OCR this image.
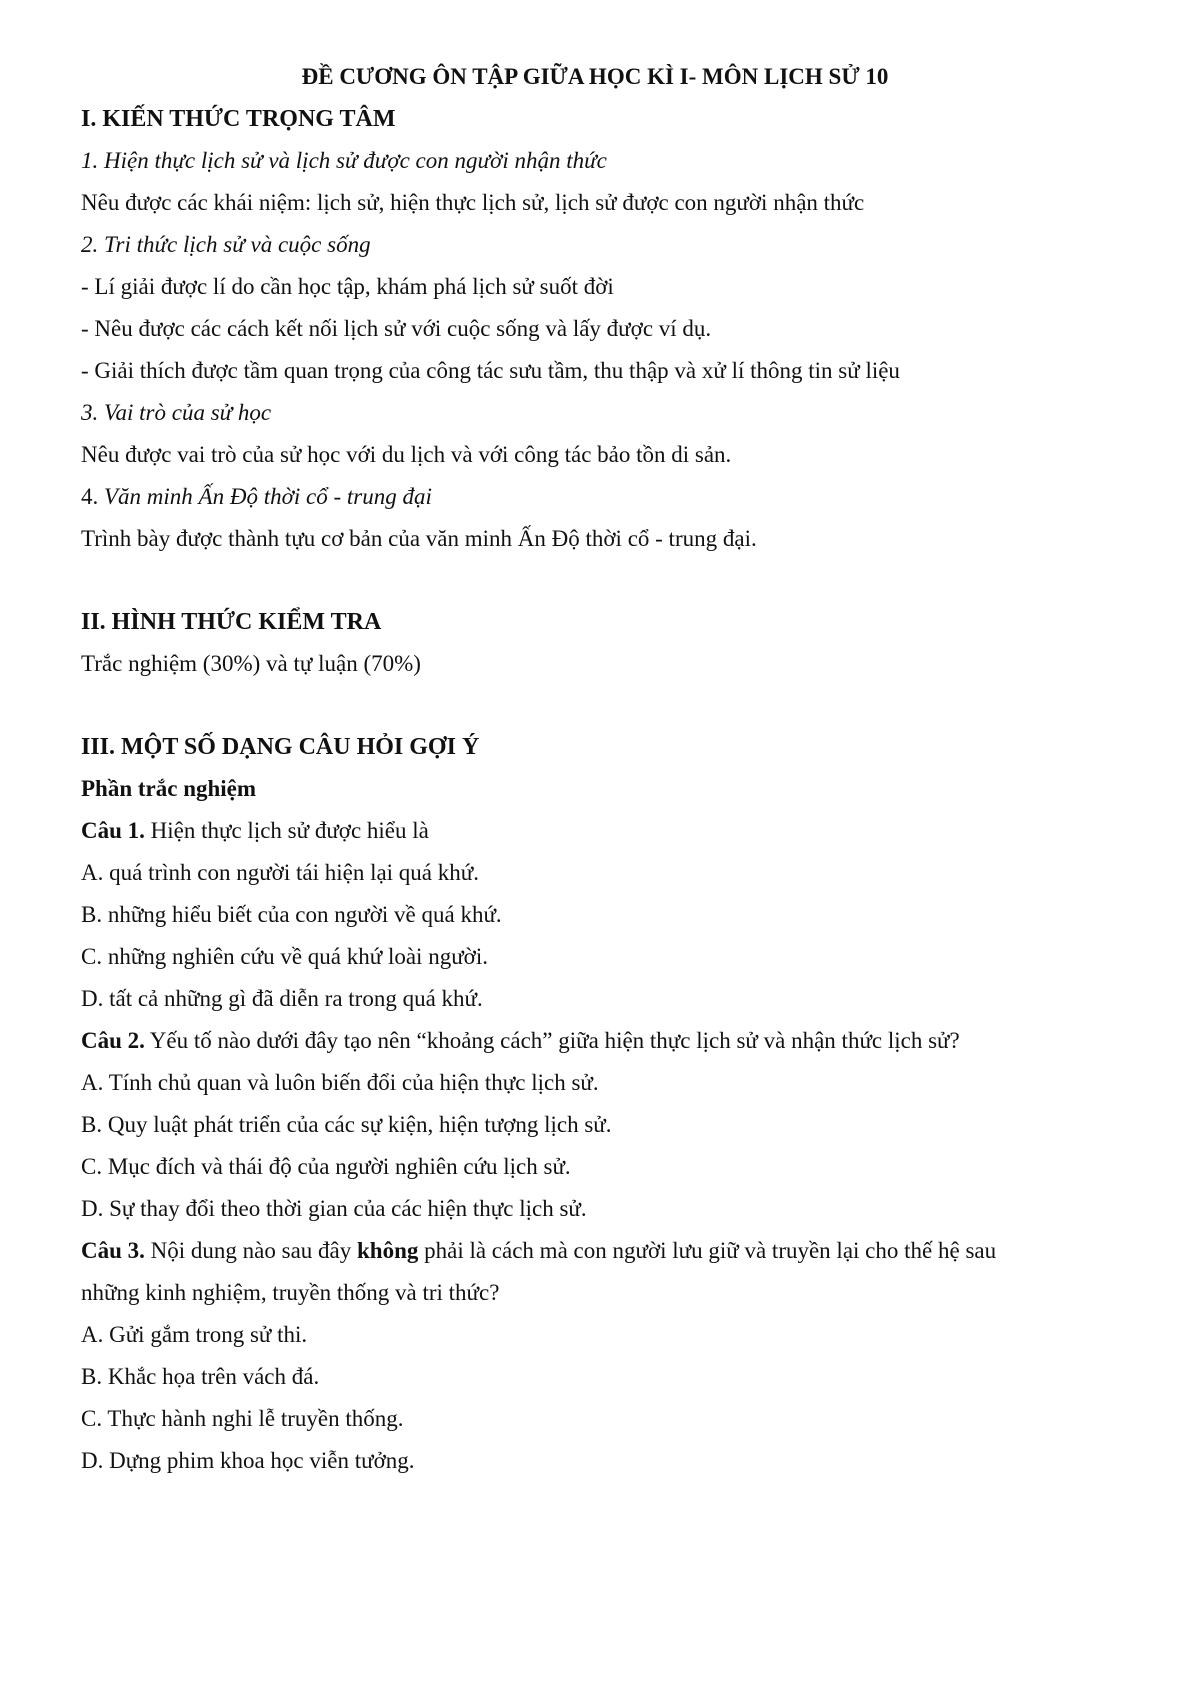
ĐỀ CƯƠNG ÔN TẬP GIỮA HỌC KÌ I- MÔN LỊCH SỬ 10
I. KIẾN THỨC TRỌNG TÂM
1. Hiện thực lịch sử và lịch sử được con người nhận thức
Nêu được các khái niệm: lịch sử, hiện thực lịch sử, lịch sử được con người nhận thức
2. Tri thức lịch sử và cuộc sống
- Lí giải được lí do cần học tập, khám phá lịch sử suốt đời
- Nêu được các cách kết nối lịch sử với cuộc sống và lấy được ví dụ.
- Giải thích được tầm quan trọng của công tác sưu tầm, thu thập và xử lí thông tin sử liệu
3. Vai trò của sử học
Nêu được vai trò của sử học với du lịch và với công tác bảo tồn di sản.
4. Văn minh Ấn Độ thời cổ - trung đại
Trình bày được thành tựu cơ bản của văn minh Ấn Độ thời cổ - trung đại.
II. HÌNH THỨC KIỂM TRA
Trắc nghiệm (30%) và tự luận (70%)
III. MỘT SỐ DẠNG CÂU HỎI GỢI Ý
Phần trắc nghiệm
Câu 1. Hiện thực lịch sử được hiểu là
A. quá trình con người tái hiện lại quá khứ.
B. những hiểu biết của con người về quá khứ.
C. những nghiên cứu về quá khứ loài người.
D. tất cả những gì đã diễn ra trong quá khứ.
Câu 2. Yếu tố nào dưới đây tạo nên “khoảng cách” giữa hiện thực lịch sử và nhận thức lịch sử?
A. Tính chủ quan và luôn biến đổi của hiện thực lịch sử.
B. Quy luật phát triển của các sự kiện, hiện tượng lịch sử.
C. Mục đích và thái độ của người nghiên cứu lịch sử.
D. Sự thay đổi theo thời gian của các hiện thực lịch sử.
Câu 3. Nội dung nào sau đây không phải là cách mà con người lưu giữ và truyền lại cho thế hệ sau
những kinh nghiệm, truyền thống và tri thức?
A. Gửi gắm trong sử thi.
B. Khắc họa trên vách đá.
C. Thực hành nghi lễ truyền thống.
D. Dựng phim khoa học viễn tưởng.
